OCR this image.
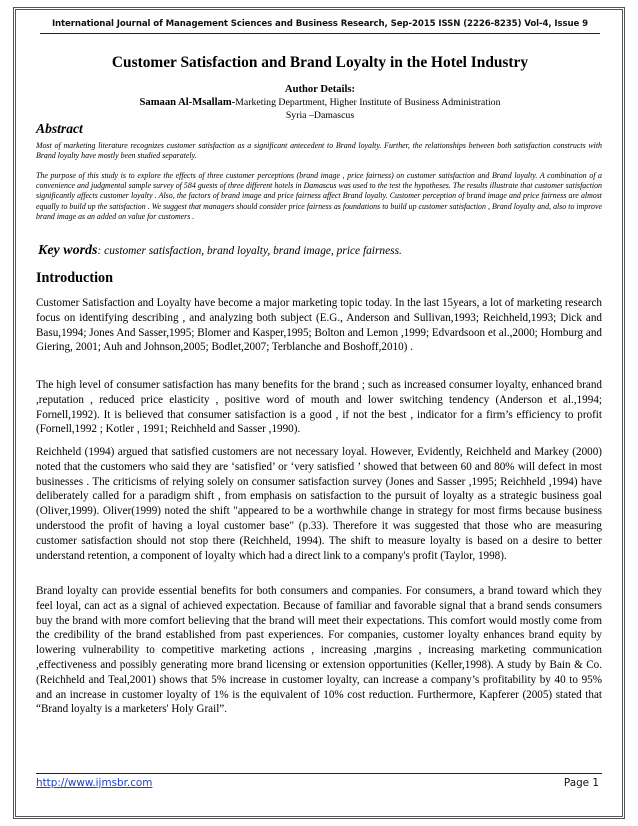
International Journal of Management Sciences and Business Research, Sep-2015 ISSN (2226-8235) Vol-4, Issue 9
Customer Satisfaction and Brand Loyalty in the Hotel Industry
Author Details:
Samaan Al-Msallam-Marketing Department, Higher Institute of Business Administration
Syria –Damascus
Abstract

Most of marketing literature recognizes customer satisfaction as a significant antecedent to Brand loyalty. Further, the relationships between both satisfaction constructs with Brand loyalty have mostly been studied separately.

The purpose of this study is to explore the effects of three customer perceptions (brand image , price fairness) on customer satisfaction and Brand loyalty. A combination of a convenience and judgmental sample survey of 584 guests of three different hotels in Damascus was used to the test the hypotheses. The results illustrate that customer satisfaction significantly affects customer loyalty . Also, the factors of brand image and price fairness affect Brand loyalty. Customer perception of brand image and price fairness are almost equally to build up the satisfaction . We suggest that managers should consider price fairness as foundations to build up customer satisfaction , Brand loyalty and, also to improve brand image as an added on value for customers .

Key words: customer satisfaction, brand loyalty, brand image, price fairness.
Introduction

Customer Satisfaction and Loyalty have become a major marketing topic today. In the last 15years, a lot of marketing research focus on identifying describing , and analyzing both subject (E.G., Anderson and Sullivan,1993; Reichheld,1993; Dick and Basu,1994; Jones And Sasser,1995; Blomer and Kasper,1995; Bolton and Lemon ,1999; Edvardsoon et al.,2000; Homburg and Giering, 2001; Auh and Johnson,2005; Bodlet,2007; Terblanche and Boshoff,2010) .

The high level of consumer satisfaction has many benefits for the brand ; such as increased consumer loyalty, enhanced brand ,reputation , reduced price elasticity , positive word of mouth and lower switching tendency (Anderson et al.,1994; Fornell,1992). It is believed that consumer satisfaction is a good , if not the best , indicator for a firm’s efficiency to profit (Fornell,1992 ; Kotler , 1991; Reichheld and Sasser ,1990).

Reichheld (1994) argued that satisfied customers are not necessary loyal. However, Evidently, Reichheld and Markey (2000) noted that the customers who said they are ‘satisfied’ or ‘very satisfied ’ showed that between 60 and 80% will defect in most businesses . The criticisms of relying solely on consumer satisfaction survey (Jones and Sasser ,1995; Reichheld ,1994) have deliberately called for a paradigm shift , from emphasis on satisfaction to the pursuit of loyalty as a strategic business goal (Oliver,1999). Oliver(1999) noted the shift "appeared to be a worthwhile change in strategy for most firms because business understood the profit of having a loyal customer base" (p.33). Therefore it was suggested that those who are measuring customer satisfaction should not stop there (Reichheld, 1994). The shift to measure loyalty is based on a desire to better understand retention, a component of loyalty which had a direct link to a company's profit (Taylor, 1998).

Brand loyalty can provide essential benefits for both consumers and companies. For consumers, a brand toward which they feel loyal, can act as a signal of achieved expectation. Because of familiar and favorable signal that a brand sends consumers buy the brand with more comfort believing that the brand will meet their expectations. This comfort would mostly come from the credibility of the brand established from past experiences. For companies, customer loyalty enhances brand equity by lowering vulnerability to competitive marketing actions , increasing ,margins , increasing marketing communication ,effectiveness and possibly generating more brand licensing or extension opportunities (Keller,1998). A study by Bain & Co. (Reichheld and Teal,2001) shows that 5% increase in customer loyalty, can increase a company’s profitability by 40 to 95% and an increase in customer loyalty of 1% is the equivalent of 10% cost reduction. Furthermore, Kapferer (2005) stated that “Brand loyalty is a marketers' Holy Grail”.

http://www.ijmsbr.com	Page 1
